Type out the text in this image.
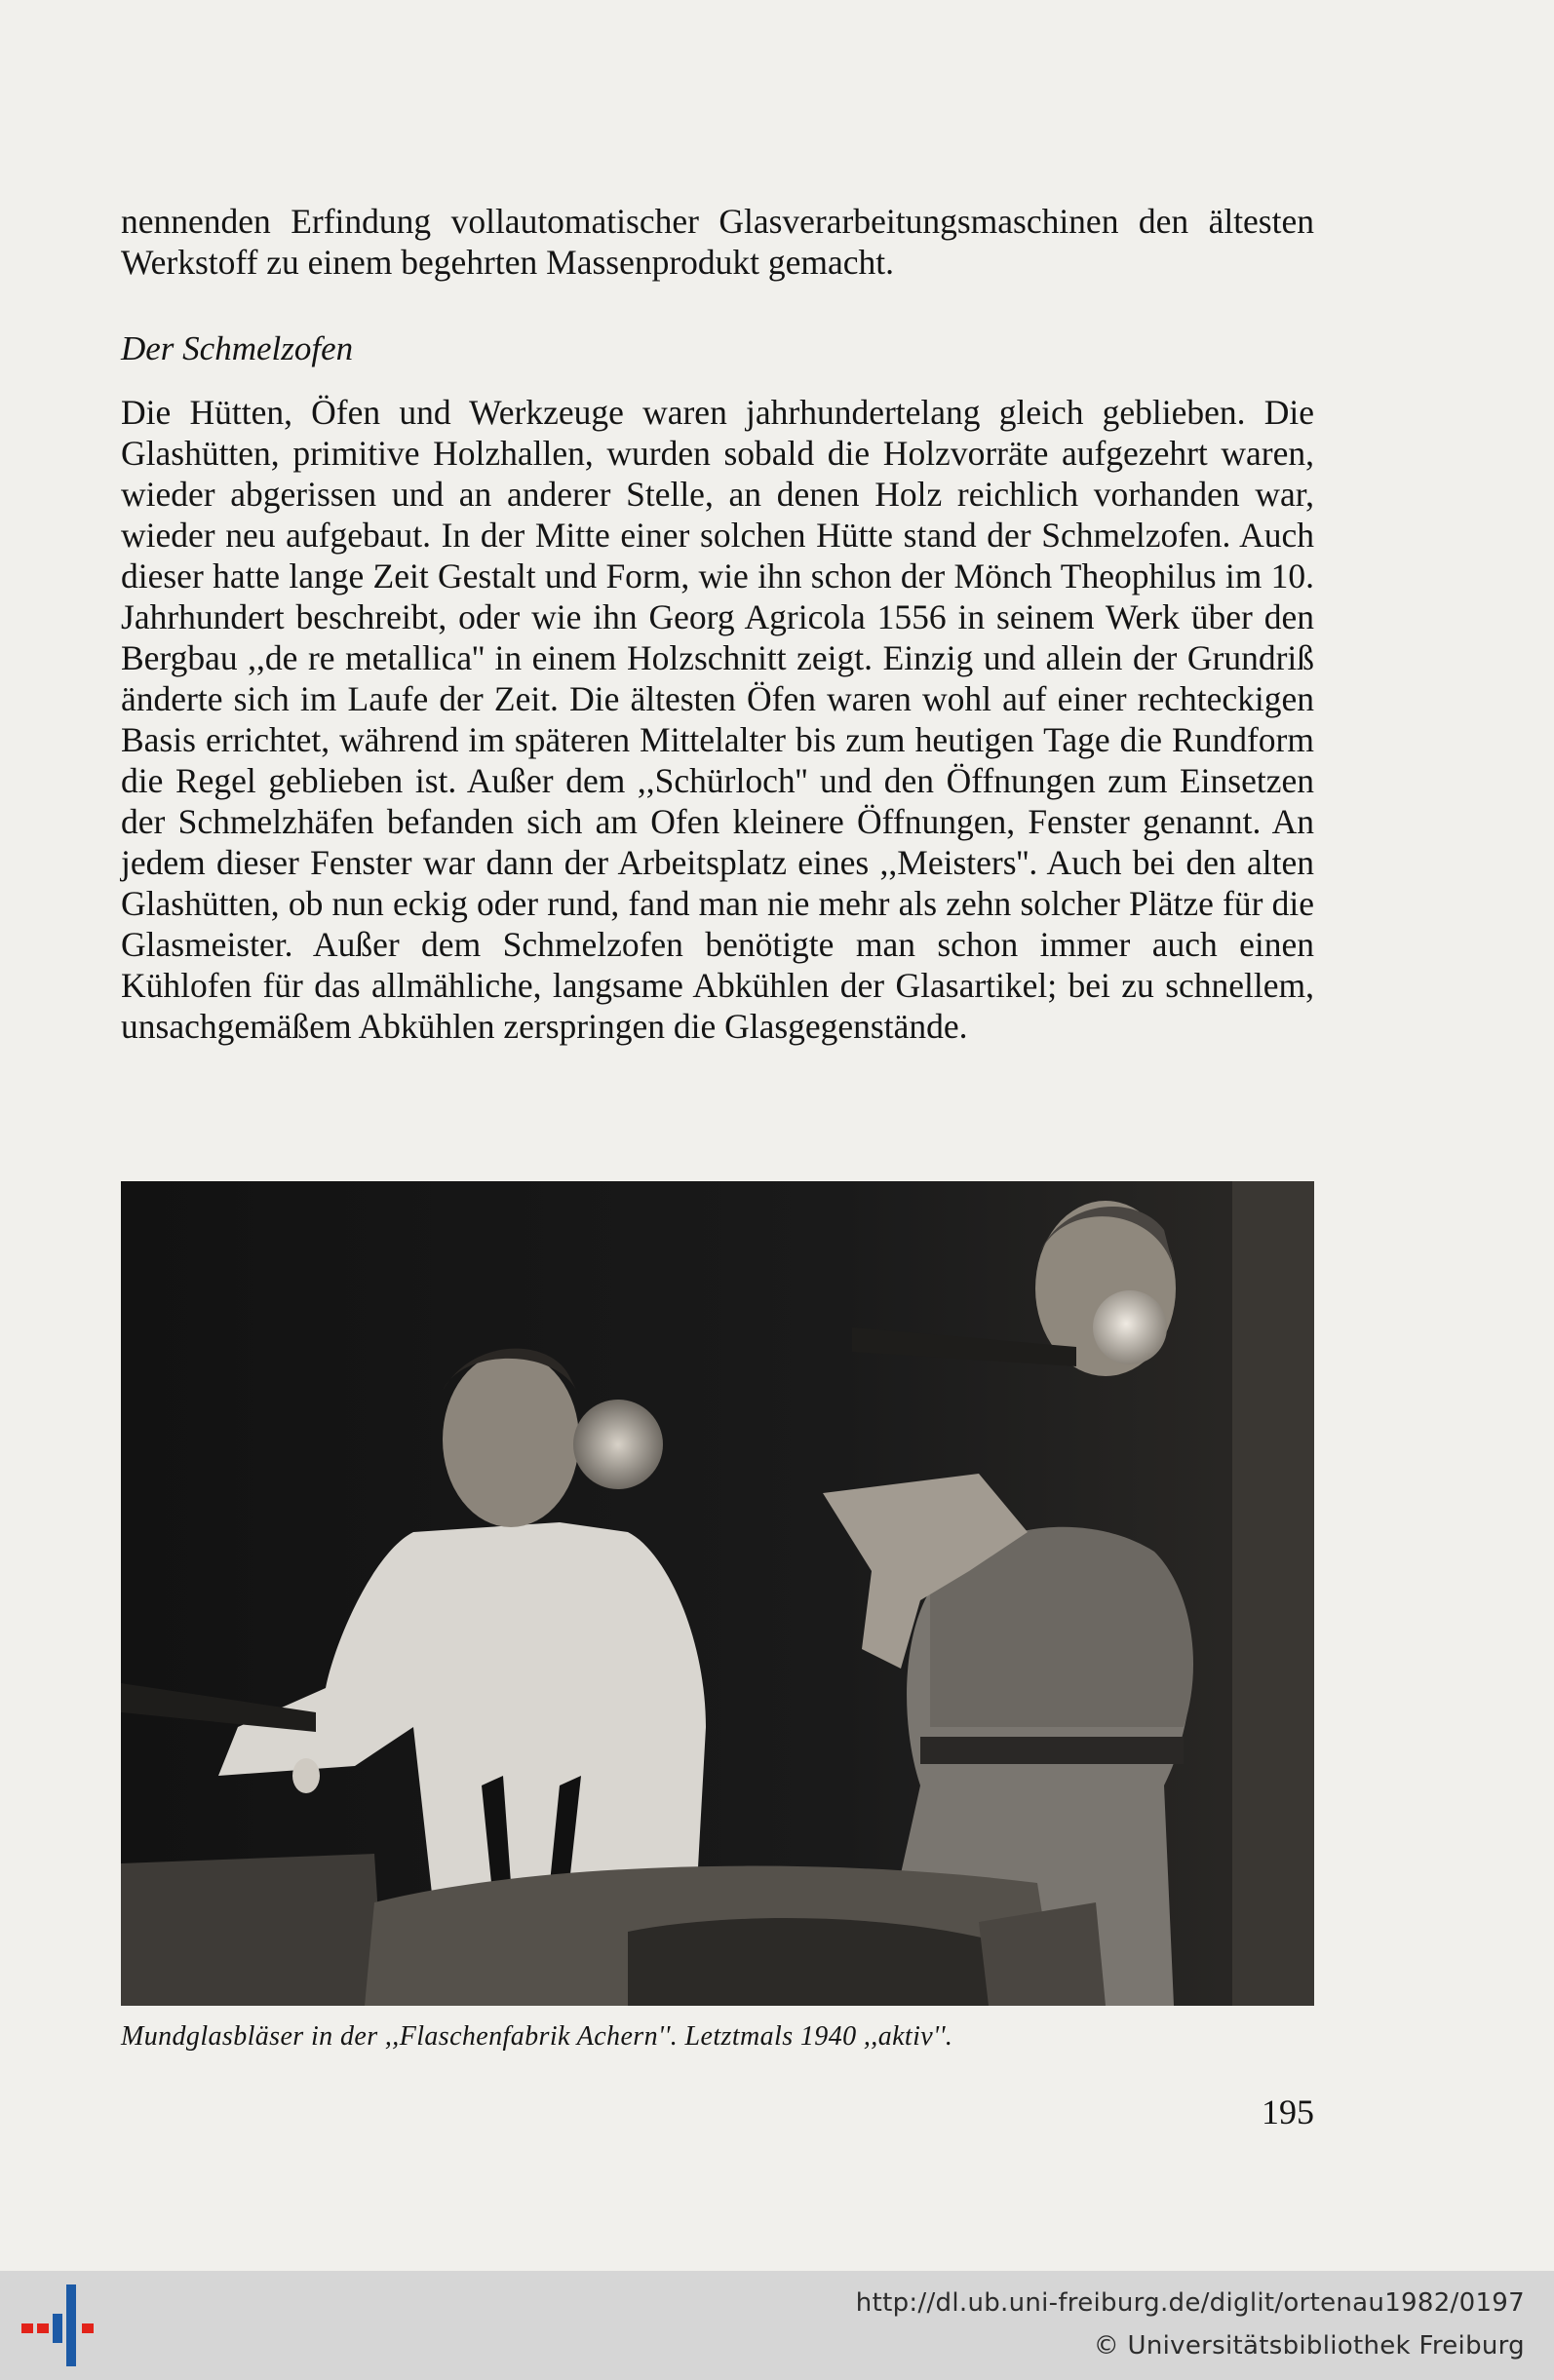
nennenden Erfindung vollautomatischer Glasverarbeitungsmaschinen den ältesten Werkstoff zu einem begehrten Massenprodukt gemacht.

Der Schmelzofen

Die Hütten, Öfen und Werkzeuge waren jahrhundertelang gleich geblieben. Die Glashütten, primitive Holzhallen, wurden sobald die Holzvorräte aufgezehrt waren, wieder abgerissen und an anderer Stelle, an denen Holz reichlich vorhanden war, wieder neu aufgebaut. In der Mitte einer solchen Hütte stand der Schmelzofen. Auch dieser hatte lange Zeit Gestalt und Form, wie ihn schon der Mönch Theophilus im 10. Jahrhundert beschreibt, oder wie ihn Georg Agricola 1556 in seinem Werk über den Bergbau ,,de re metallica'' in einem Holzschnitt zeigt. Einzig und allein der Grundriß änderte sich im Laufe der Zeit. Die ältesten Öfen waren wohl auf einer rechteckigen Basis errichtet, während im späteren Mittelalter bis zum heutigen Tage die Rundform die Regel geblieben ist. Außer dem ,,Schürloch'' und den Öffnungen zum Einsetzen der Schmelzhäfen befanden sich am Ofen kleinere Öffnungen, Fenster genannt. An jedem dieser Fenster war dann der Arbeitsplatz eines ,,Meisters''. Auch bei den alten Glashütten, ob nun eckig oder rund, fand man nie mehr als zehn solcher Plätze für die Glasmeister. Außer dem Schmelzofen benötigte man schon immer auch einen Kühlofen für das allmähliche, langsame Abkühlen der Glasartikel; bei zu schnellem, unsachgemäßem Abkühlen zerspringen die Glasgegenstände.

Mundglasbläser in der ,,Flaschenfabrik Achern''. Letztmals 1940 ,,aktiv''.
195
http://dl.ub.uni-freiburg.de/diglit/ortenau1982/0197
© Universitätsbibliothek Freiburg
